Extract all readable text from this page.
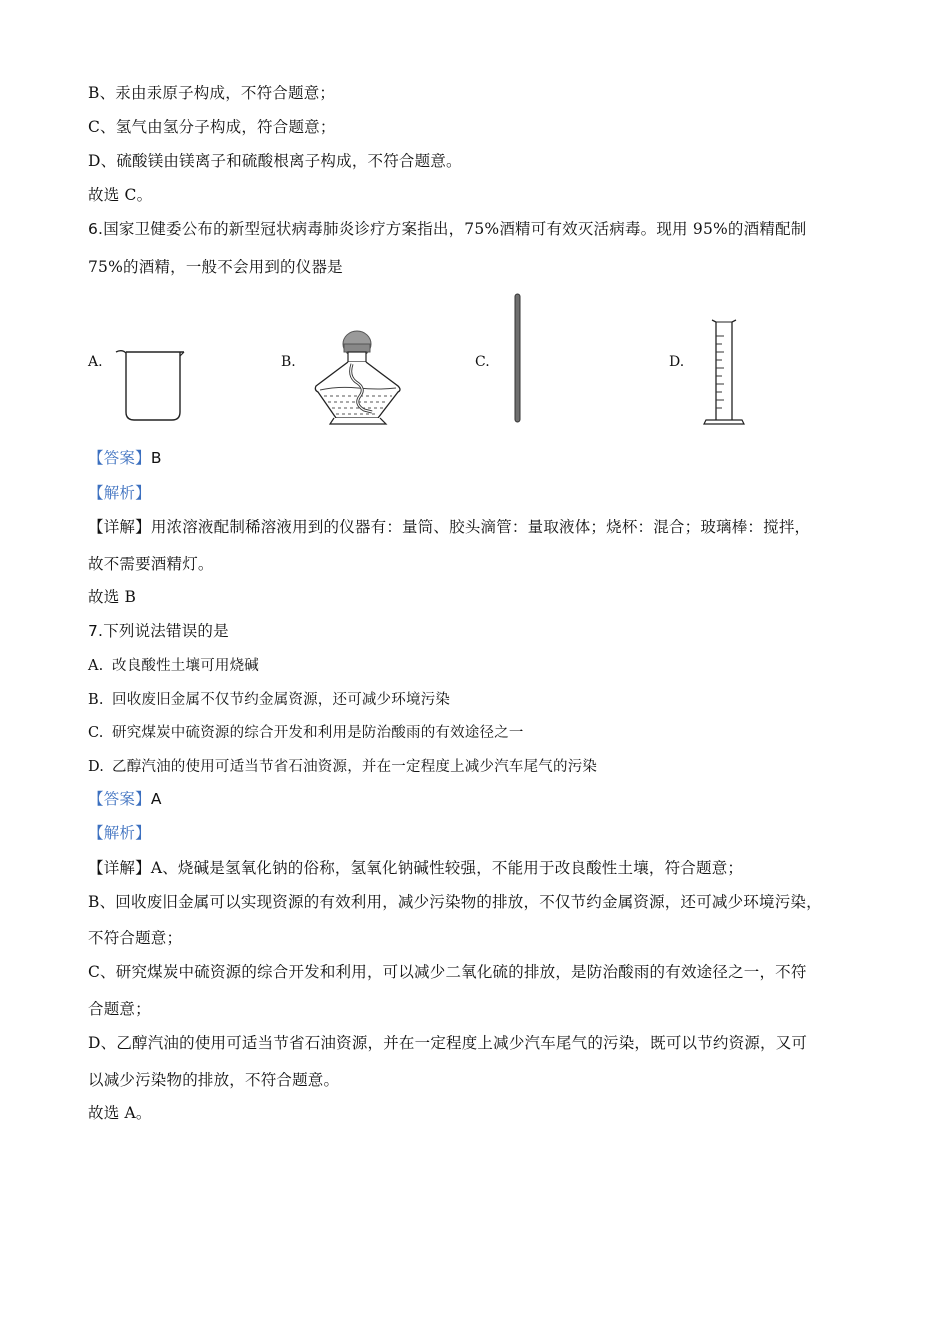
B、汞由汞原子构成，不符合题意；
C、氢气由氢分子构成，符合题意；
D、硫酸镁由镁离子和硫酸根离子构成，不符合题意。
故选 C。
6.国家卫健委公布的新型冠状病毒肺炎诊疗方案指出，75%酒精可有效灭活病毒。现用 95%的酒精配制
75%的酒精，一般不会用到的仪器是
A.	B.	C.	D.
【答案】B
【解析】
【详解】用浓溶液配制稀溶液用到的仪器有：量筒、胶头滴管：量取液体；烧杯：混合；玻璃棒：搅拌，
故不需要酒精灯。
故选 B
7.下列说法错误的是
A. 改良酸性土壤可用烧碱
B. 回收废旧金属不仅节约金属资源，还可减少环境污染
C. 研究煤炭中硫资源的综合开发和利用是防治酸雨的有效途径之一
D. 乙醇汽油的使用可适当节省石油资源，并在一定程度上减少汽车尾气的污染
【答案】A
【解析】
【详解】A、烧碱是氢氧化钠的俗称，氢氧化钠碱性较强，不能用于改良酸性土壤，符合题意；
B、回收废旧金属可以实现资源的有效利用，减少污染物的排放，不仅节约金属资源，还可减少环境污染，
不符合题意；
C、研究煤炭中硫资源的综合开发和利用，可以减少二氧化硫的排放，是防治酸雨的有效途径之一，不符
合题意；
D、乙醇汽油的使用可适当节省石油资源，并在一定程度上减少汽车尾气的污染，既可以节约资源，又可
以减少污染物的排放，不符合题意。
故选 A。
